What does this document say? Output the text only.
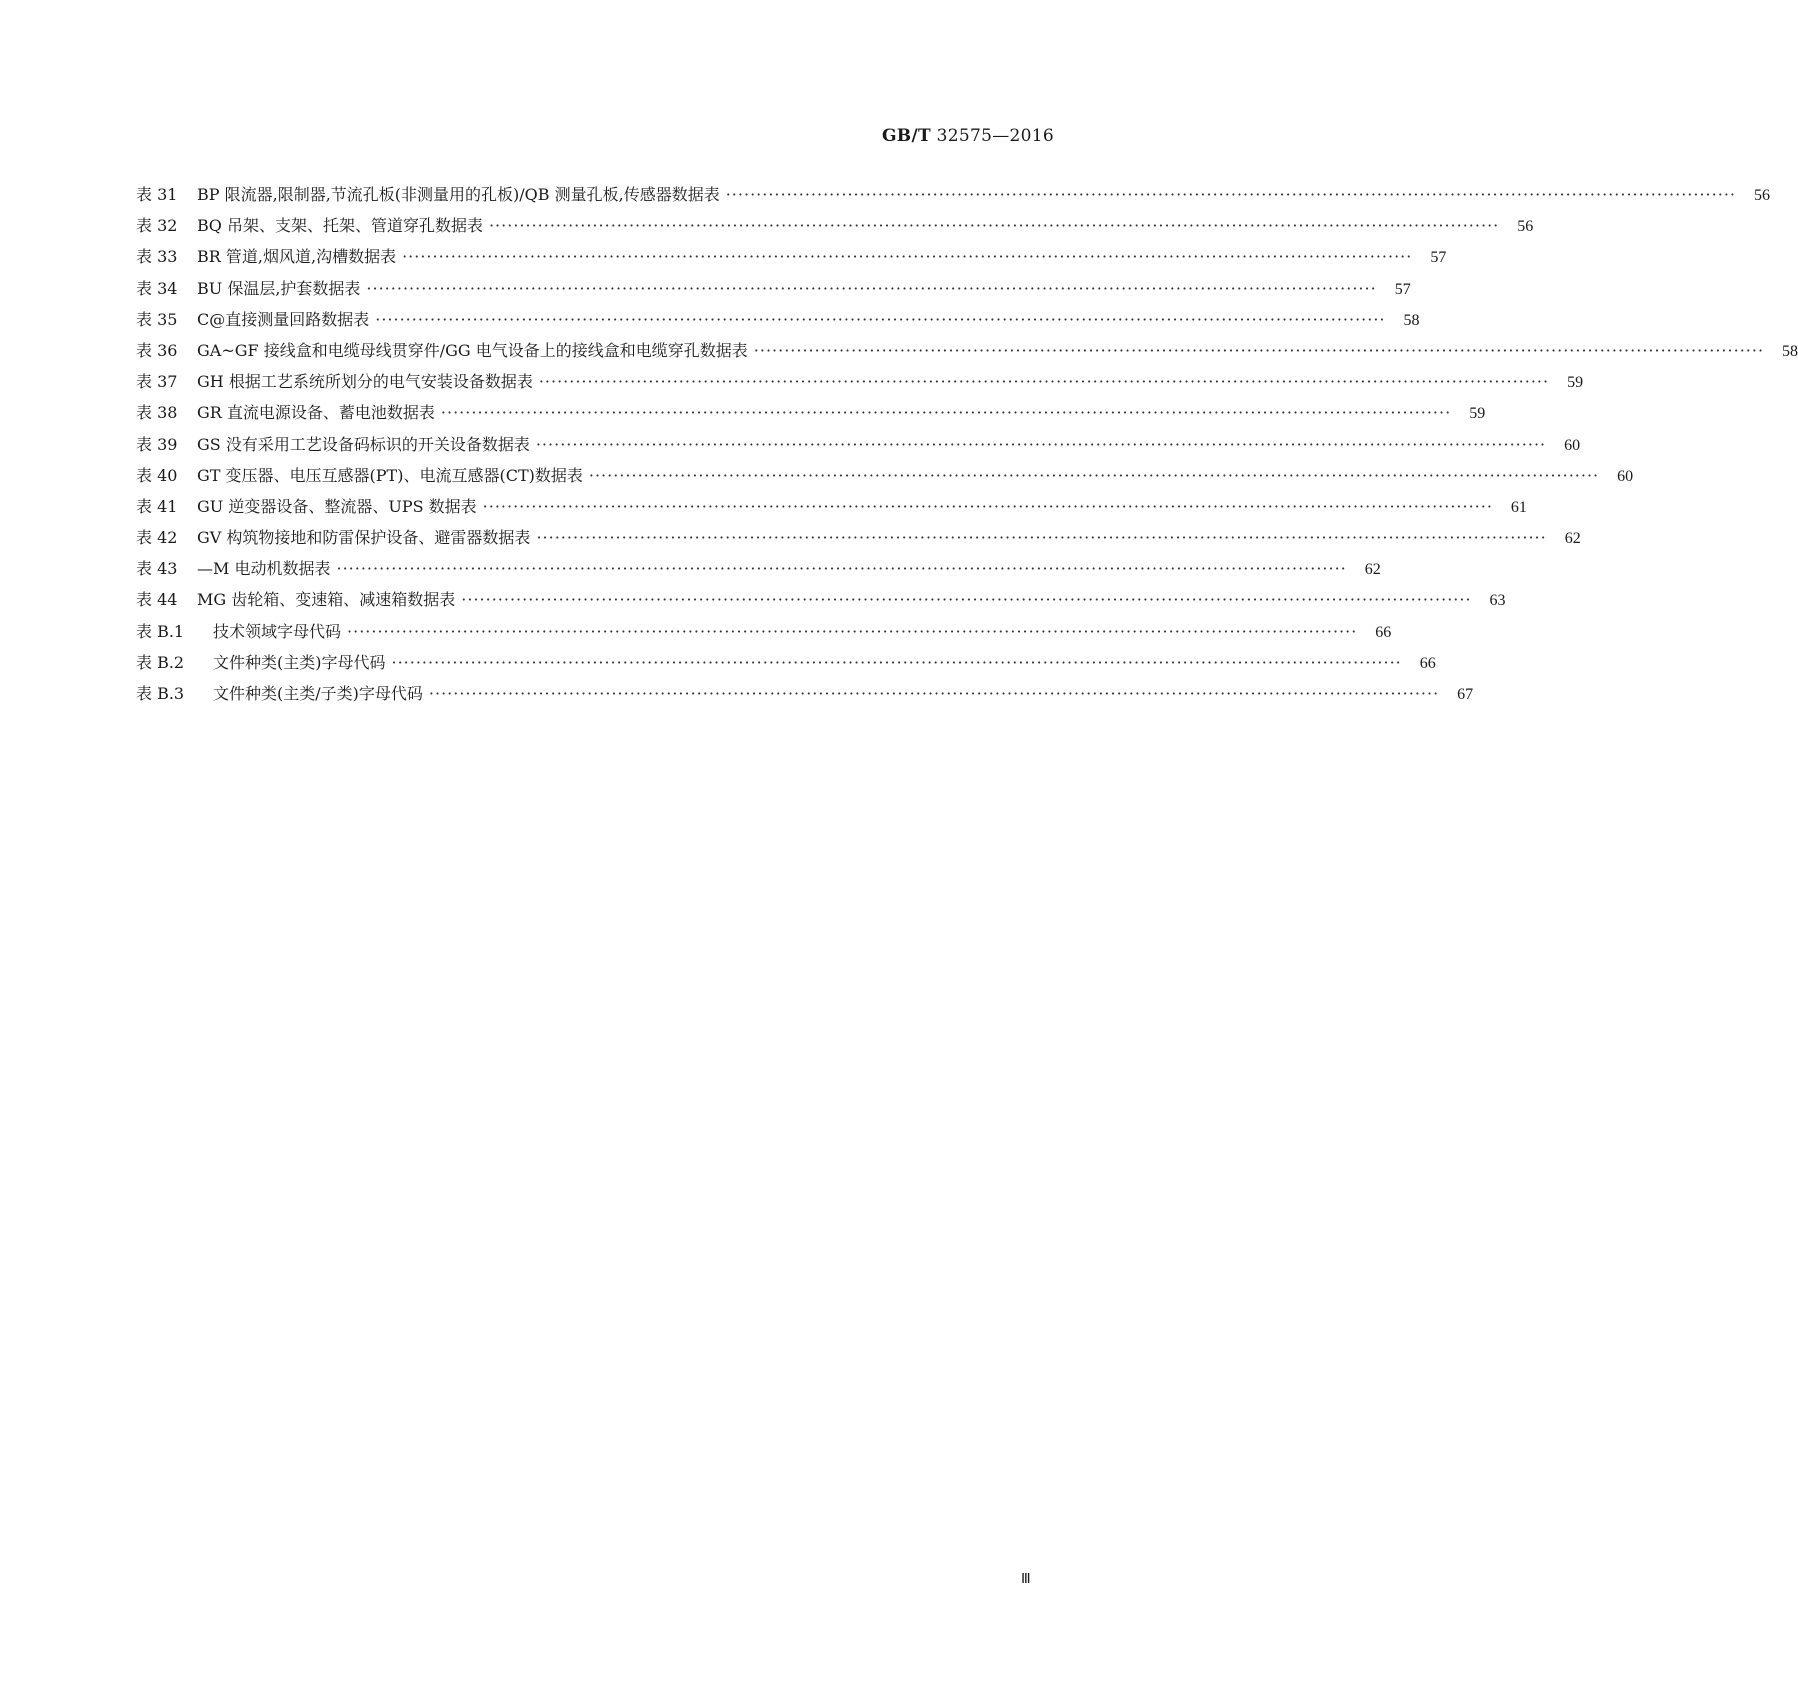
GB/T 32575—2016
表 31	BP 限流器,限制器,节流孔板(非测量用的孔板)/QB 测量孔板,传感器数据表 ·····	56
表 32	BQ 吊架、支架、托架、管道穿孔数据表 ·····	56
表 33	BR 管道,烟风道,沟槽数据表 ·····	57
表 34	BU 保温层,护套数据表 ·····	57
表 35	C@直接测量回路数据表 ·····	58
表 36	GA~GF 接线盒和电缆母线贯穿件/GG 电气设备上的接线盒和电缆穿孔数据表 ·····	58
表 37	GH 根据工艺系统所划分的电气安装设备数据表 ·····	59
表 38	GR 直流电源设备、蓄电池数据表 ·····	59
表 39	GS 没有采用工艺设备码标识的开关设备数据表 ·····	60
表 40	GT 变压器、电压互感器(PT)、电流互感器(CT)数据表 ·····	60
表 41	GU 逆变器设备、整流器、UPS 数据表 ·····	61
表 42	GV 构筑物接地和防雷保护设备、避雷器数据表 ·····	62
表 43	—M 电动机数据表 ·····	62
表 44	MG 齿轮箱、变速箱、减速箱数据表 ·····	63
表 B.1	技术领域字母代码 ·····	66
表 B.2	文件种类(主类)字母代码 ·····	66
表 B.3	文件种类(主类/子类)字母代码 ·····	67
Ⅲ
